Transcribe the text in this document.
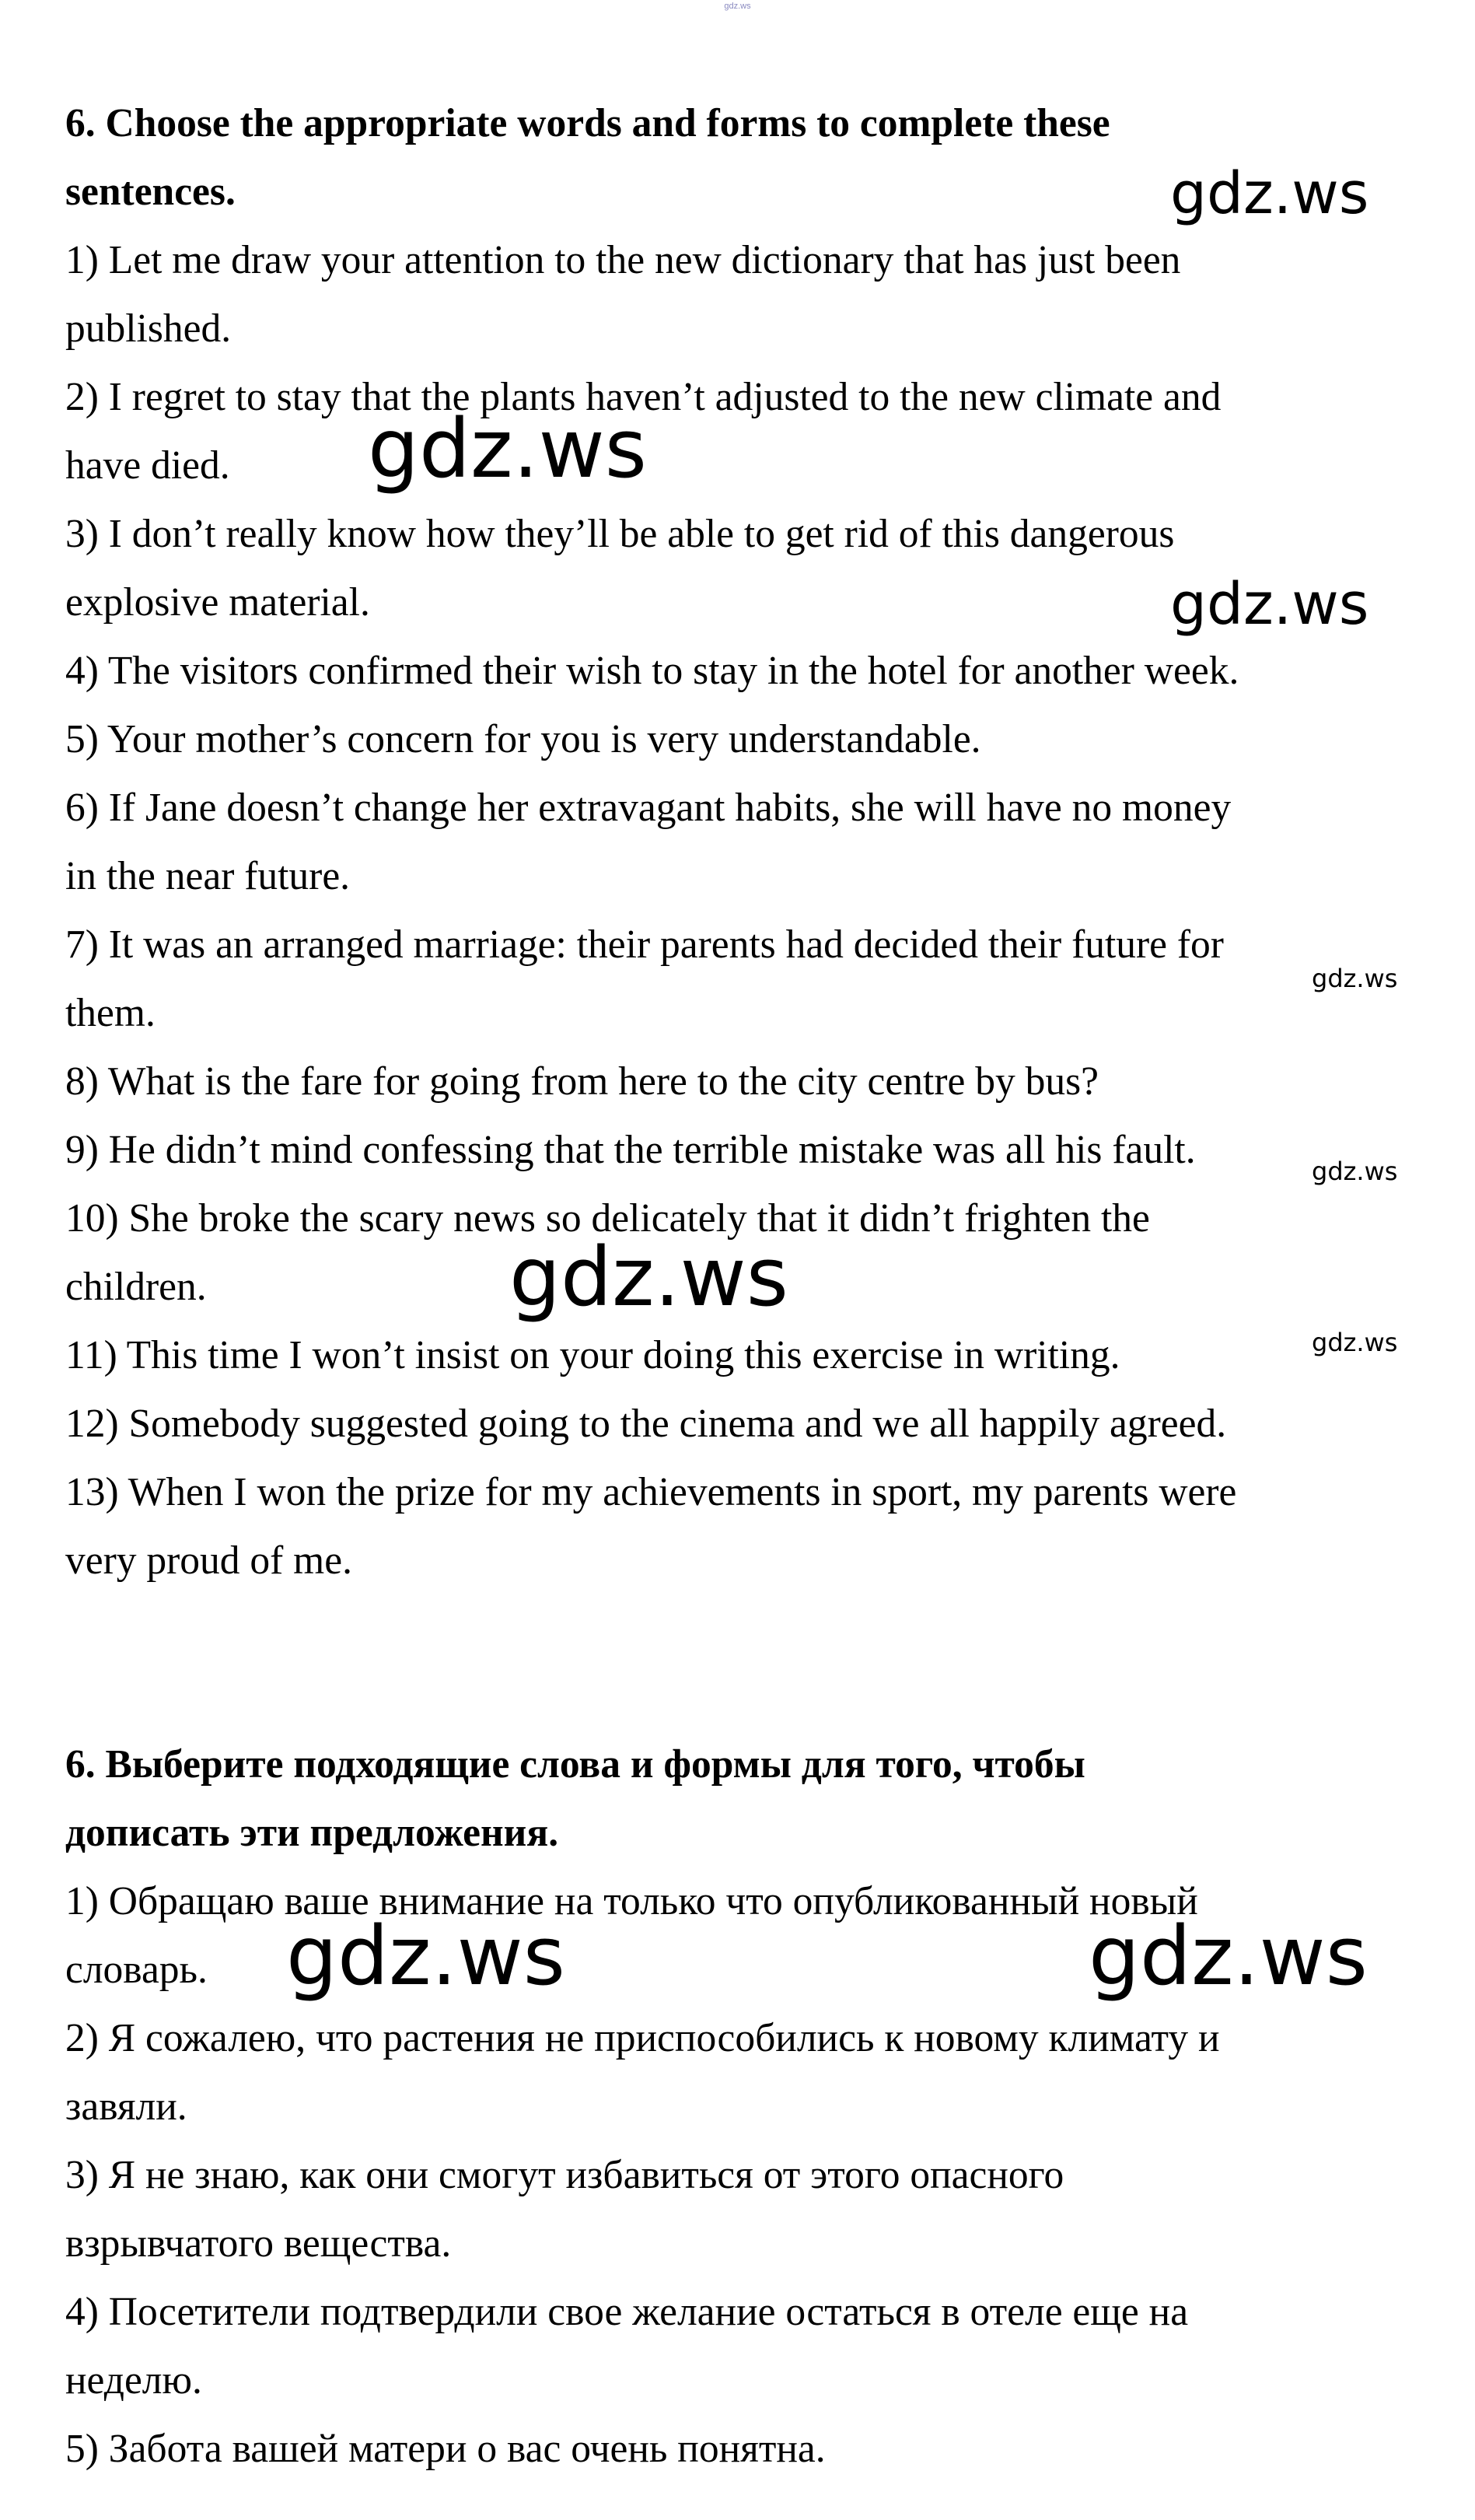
gdz.ws
6. Choose the appropriate words and forms to complete these
sentences.
1) Let me draw your attention to the new dictionary that has just been
published.
2) I regret to stay that the plants haven’t adjusted to the new climate and
have died.
3) I don’t really know how they’ll be able to get rid of this dangerous
explosive material.
4) The visitors confirmed their wish to stay in the hotel for another week.
5) Your mother’s concern for you is very understandable.
6) If Jane doesn’t change her extravagant habits, she will have no money
in the near future.
7) It was an arranged marriage: their parents had decided their future for
them.
8) What is the fare for going from here to the city centre by bus?
9) He didn’t mind confessing that the terrible mistake was all his fault.
10) She broke the scary news so delicately that it didn’t frighten the
children.
11) This time I won’t insist on your doing this exercise in writing.
12) Somebody suggested going to the cinema and we all happily agreed.
13) When I won the prize for my achievements in sport, my parents were
very proud of me.
6. Выберите подходящие слова и формы для того, чтобы
дописать эти предложения.
1) Обращаю ваше внимание на только что опубликованный новый
словарь.
2) Я сожалею, что растения не приспособились к новому климату и
завяли.
3) Я не знаю, как они смогут избавиться от этого опасного
взрывчатого вещества.
4) Посетители подтвердили свое желание остаться в отеле еще на
неделю.
5) Забота вашей матери о вас очень понятна.
gdz.ws
gdz.ws
gdz.ws
gdz.ws
gdz.ws
gdz.ws
gdz.ws
gdz.ws	gdz.ws
